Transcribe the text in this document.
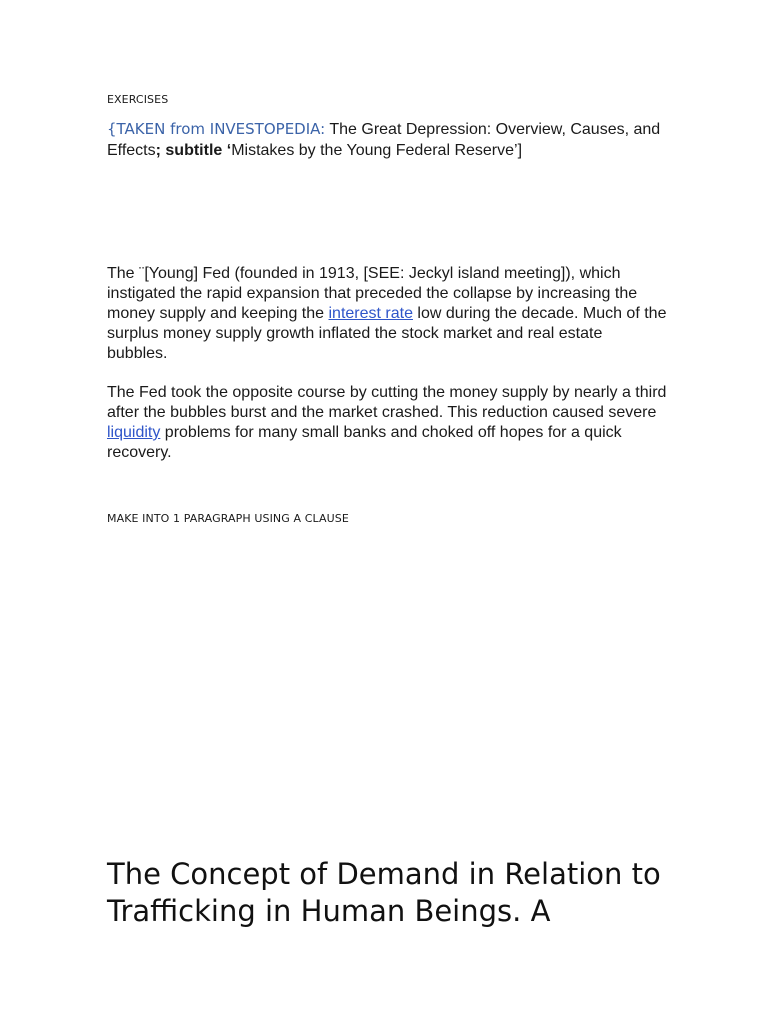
EXERCISES
{TAKEN from INVESTOPEDIA: The Great Depression: Overview, Causes, and Effects; subtitle ‘Mistakes by the Young Federal Reserve’]

The ¨[Young] Fed (founded in 1913, [SEE: Jeckyl island meeting]), which instigated the rapid expansion that preceded the collapse by increasing the money supply and keeping the interest rate low during the decade. Much of the surplus money supply growth inflated the stock market and real estate bubbles.

The Fed took the opposite course by cutting the money supply by nearly a third after the bubbles burst and the market crashed. This reduction caused severe liquidity problems for many small banks and choked off hopes for a quick recovery.

MAKE INTO 1 PARAGRAPH USING A CLAUSE
The Concept of Demand in Relation to Trafficking in Human Beings. A
